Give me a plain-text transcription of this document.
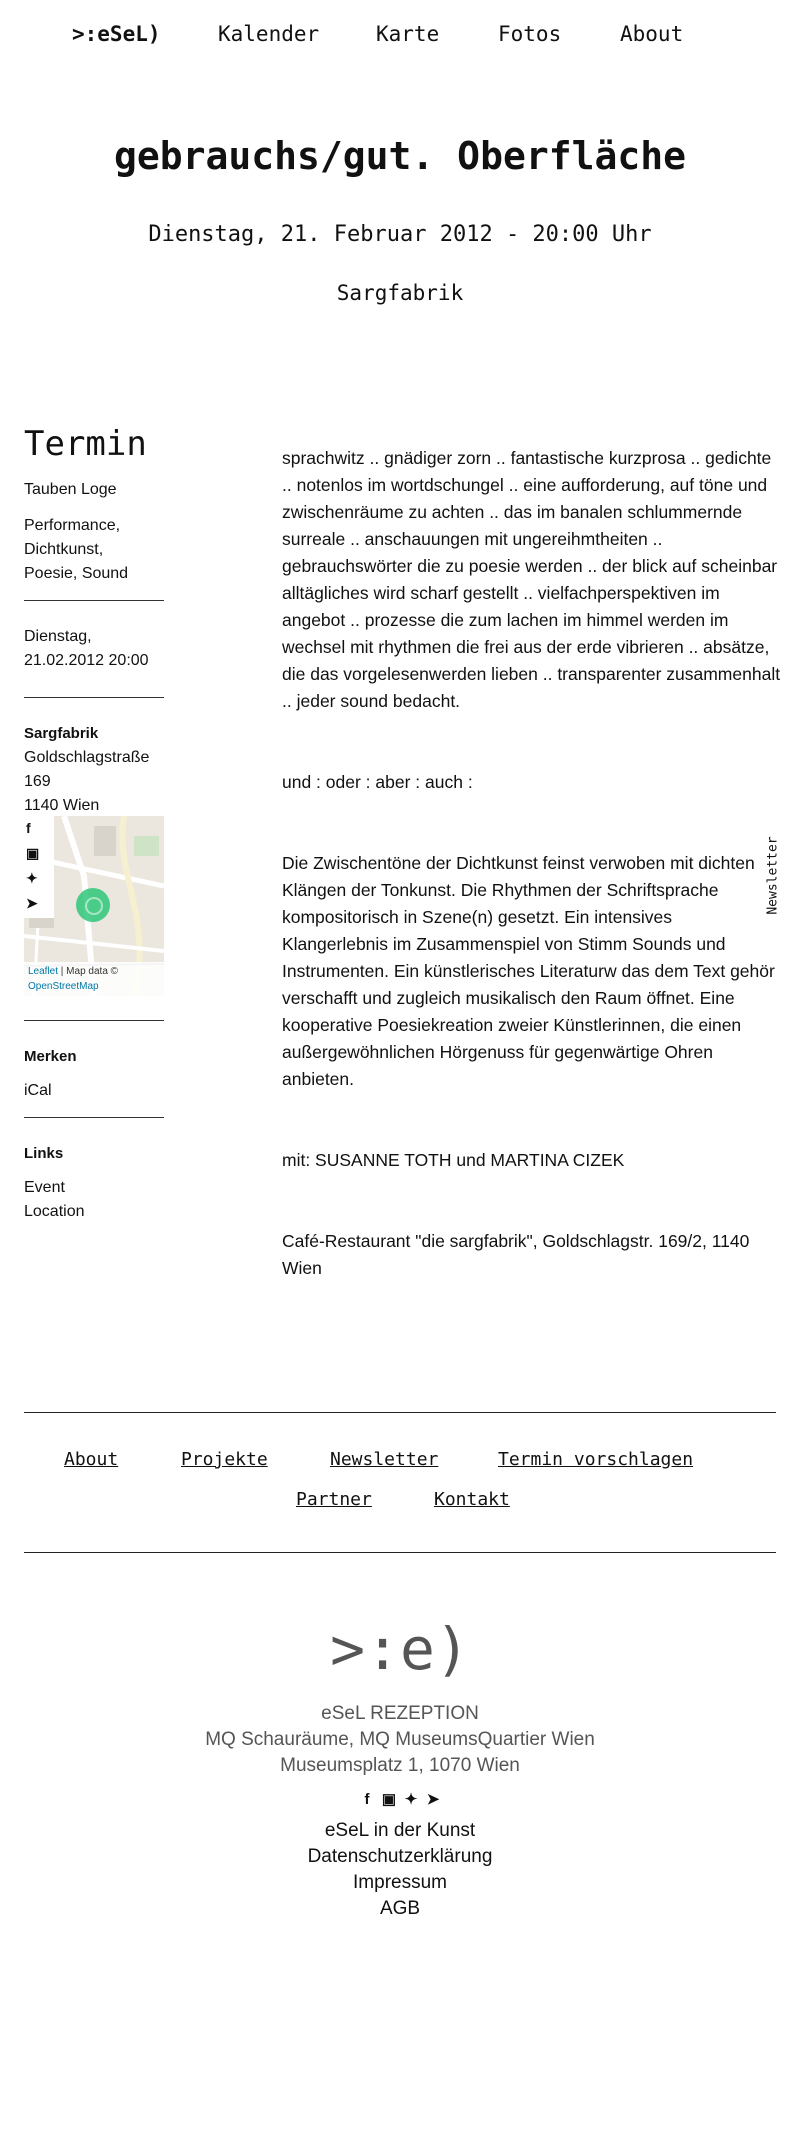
>:eSeL)	Kalender	Karte	Fotos	About
gebrauchs/gut. Oberfläche
Dienstag, 21. Februar 2012 - 20:00 Uhr
Sargfabrik
Termin
Tauben Loge
Performance,
Dichtkunst,
Poesie, Sound
Dienstag,
21.02.2012 20:00
Sargfabrik
Goldschlagstraße
169
1140 Wien
Leaflet | Map data ©
OpenStreetMap
f
▣
✦
➤
Merken
iCal
Links
Event
Location

sprachwitz .. gnädiger zorn .. fantastische kurzprosa .. gedichte .. notenlos im wortdschungel .. eine aufforderung, auf töne und zwischenräume zu achten .. das im banalen schlummernde surreale .. anschauungen mit ungereihmtheiten .. gebrauchswörter die zu poesie werden .. der blick auf scheinbar alltägliches wird scharf gestellt .. vielfachperspektiven im angebot .. prozesse die zum lachen im himmel werden im wechsel mit rhythmen die frei aus der erde vibrieren .. absätze, die das vorgelesenwerden lieben .. transparenter zusammenhalt .. jeder sound bedacht.

und : oder : aber : auch :

Die Zwischentöne der Dichtkunst feinst verwoben mit dichten Klängen der Tonkunst. Die Rhythmen der Schriftsprache kompositorisch in Szene(n) gesetzt. Ein intensives Klangerlebnis im Zusammenspiel von Stimm Sounds und Instrumenten. Ein künstlerisches Literaturw das dem Text gehör verschafft und zugleich musikalisch den Raum öffnet. Eine kooperative Poesiekreation zweier Künstlerinnen, die einen außergewöhnlichen Hörgenuss für gegenwärtige Ohren anbieten.

mit: SUSANNE TOTH und MARTINA CIZEK

Café-Restaurant "die sargfabrik", Goldschlagstr. 169/2, 1140 Wien

Newsletter
About	Projekte	Newsletter	Termin vorschlagen
Partner	Kontakt
>:e)
eSeL REZEPTION
MQ Schauräume, MQ MuseumsQuartier Wien
Museumsplatz 1, 1070 Wien
f ▣ ✦ ➤
eSeL in der Kunst
Datenschutzerklärung
Impressum
AGB
